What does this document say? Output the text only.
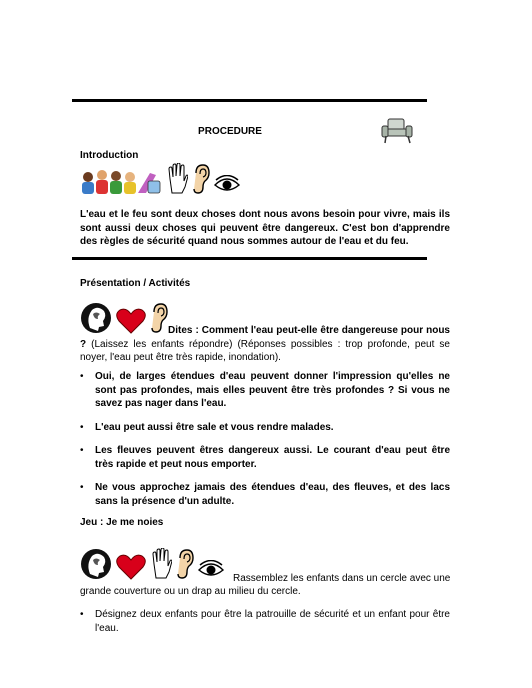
PROCEDURE
Introduction
L'eau et le feu sont deux choses dont nous avons besoin pour vivre, mais ils sont aussi deux choses qui peuvent être dangereux. C'est bon d'apprendre des règles de sécurité quand nous sommes autour de l'eau et du feu.
Présentation / Activités
Dites : Comment l'eau peut-elle être dangereuse pour nous ? (Laissez les enfants répondre) (Réponses possibles : trop profonde, peut se noyer, l'eau peut être très rapide, inondation).
• Oui, de larges étendues d'eau peuvent donner l'impression qu'elles ne sont pas profondes, mais elles peuvent être très profondes ? Si vous ne savez pas nager dans l'eau.
• L'eau peut aussi être sale et vous rendre malades.
• Les fleuves peuvent êtres dangereux aussi. Le courant d'eau peut être très rapide et peut nous emporter.
• Ne vous approchez jamais des étendues d'eau, des fleuves, et des lacs sans la présence d'un adulte.
Jeu : Je me noies
Rassemblez les enfants dans un cercle avec une
grande couverture ou un drap au milieu du cercle.
• Désignez deux enfants pour être la patrouille de sécurité et un enfant pour être l'eau.
